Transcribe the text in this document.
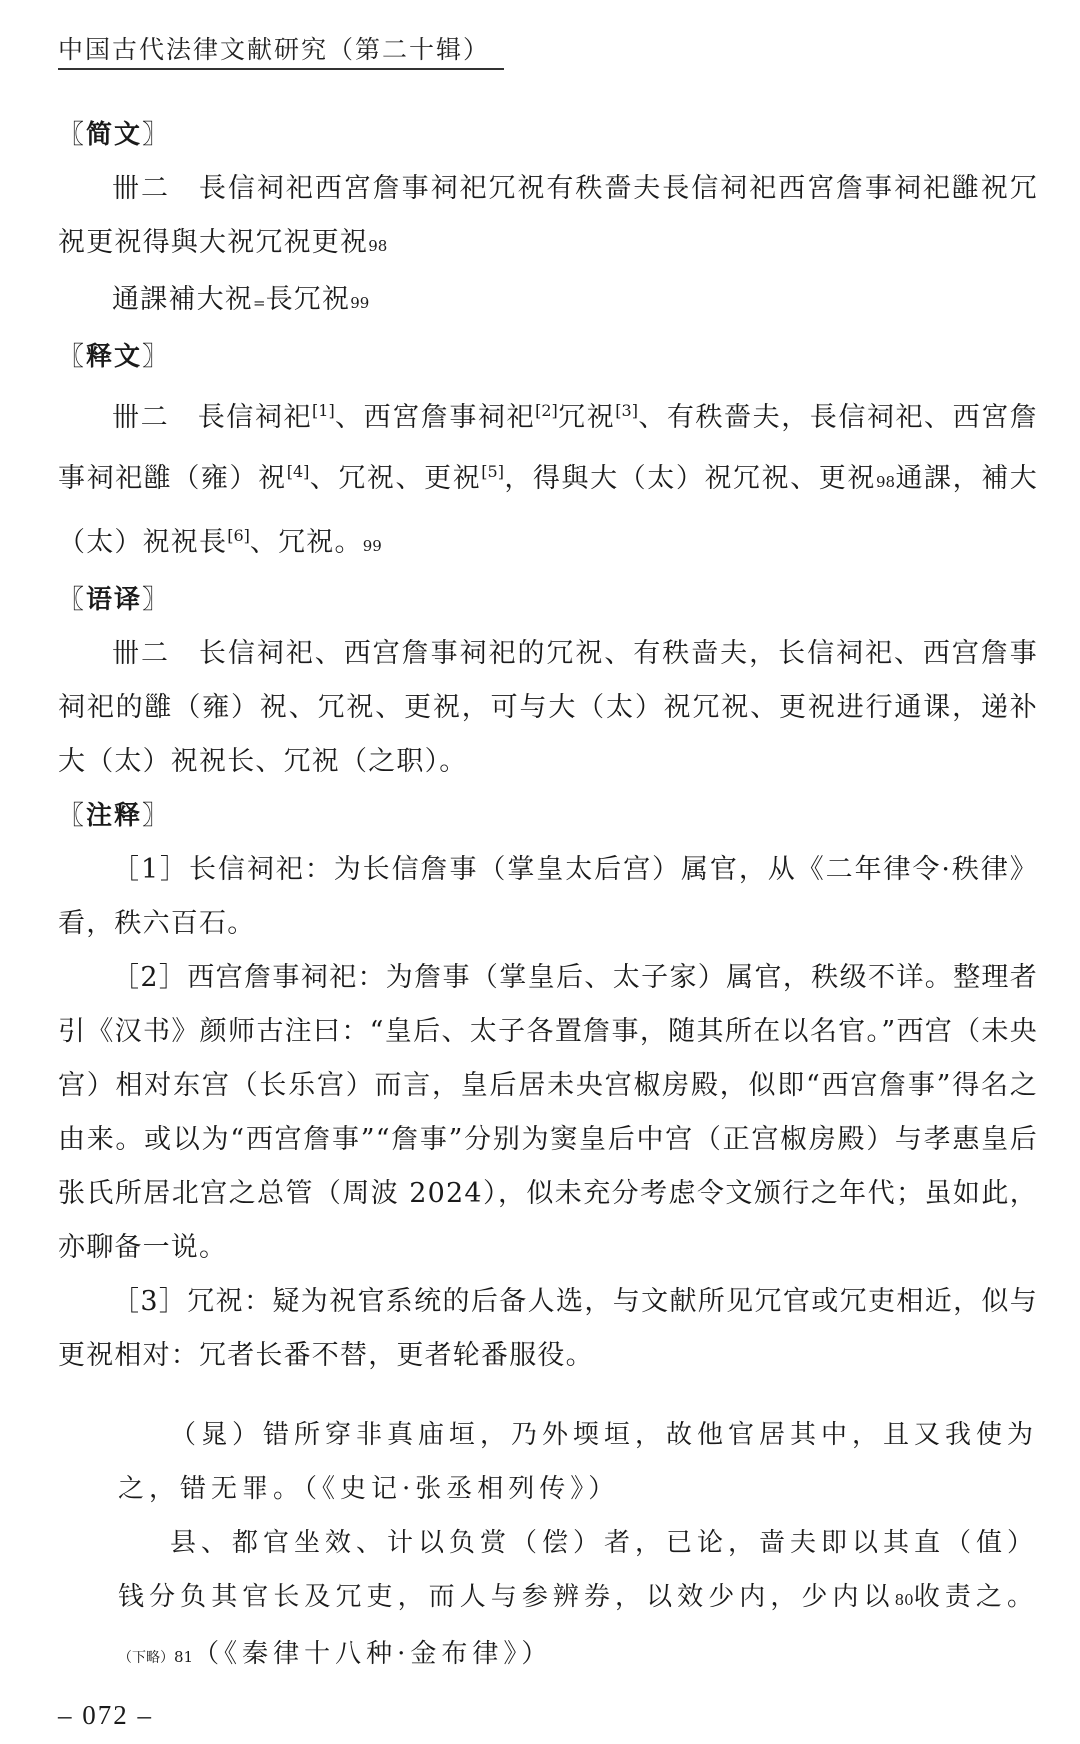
中国古代法律文献研究（第二十辑）
〖简文〗

卌二　長信祠祀西宮詹事祠祀冗祝有秩嗇夫長信祠祀西宮詹事祠祀雝祝冗祝更祝得與大祝冗祝更祝98

通課補大祝=長冗祝99

〖释文〗

卌二　長信祠祀[1]、西宮詹事祠祀[2]冗祝[3]、有秩嗇夫，長信祠祀、西宮詹事祠祀雝（雍）祝[4]、冗祝、更祝[5]，得與大（太）祝冗祝、更祝98通課，補大（太）祝祝長[6]、冗祝。99

〖语译〗

卌二　长信祠祀、西宫詹事祠祀的冗祝、有秩啬夫，长信祠祀、西宫詹事祠祀的雝（雍）祝、冗祝、更祝，可与大（太）祝冗祝、更祝进行通课，递补大（太）祝祝长、冗祝（之职）。

〖注释〗

［1］长信祠祀：为长信詹事（掌皇太后宫）属官，从《二年律令·秩律》看，秩六百石。

［2］西宫詹事祠祀：为詹事（掌皇后、太子家）属官，秩级不详。整理者引《汉书》颜师古注曰：“皇后、太子各置詹事，随其所在以名官。”西宫（未央宫）相对东宫（长乐宫）而言，皇后居未央宫椒房殿，似即“西宫詹事”得名之由来。或以为“西宫詹事”“詹事”分别为窦皇后中宫（正宫椒房殿）与孝惠皇后张氏所居北宫之总管（周波 2024），似未充分考虑令文颁行之年代；虽如此，亦聊备一说。

［3］冗祝：疑为祝官系统的后备人选，与文献所见冗官或冗吏相近，似与更祝相对：冗者长番不替，更者轮番服役。

（晁）错所穿非真庙垣，乃外堧垣，故他官居其中，且又我使为之，错无罪。（《史记·张丞相列传》）

县、都官坐效、计以负赏（偿）者，已论，啬夫即以其直（值）钱分负其官长及冗吏，而人与参辨券，以效少内，少内以80收责之。（下略）81（《秦律十八种·金布律》）

– 072 –
